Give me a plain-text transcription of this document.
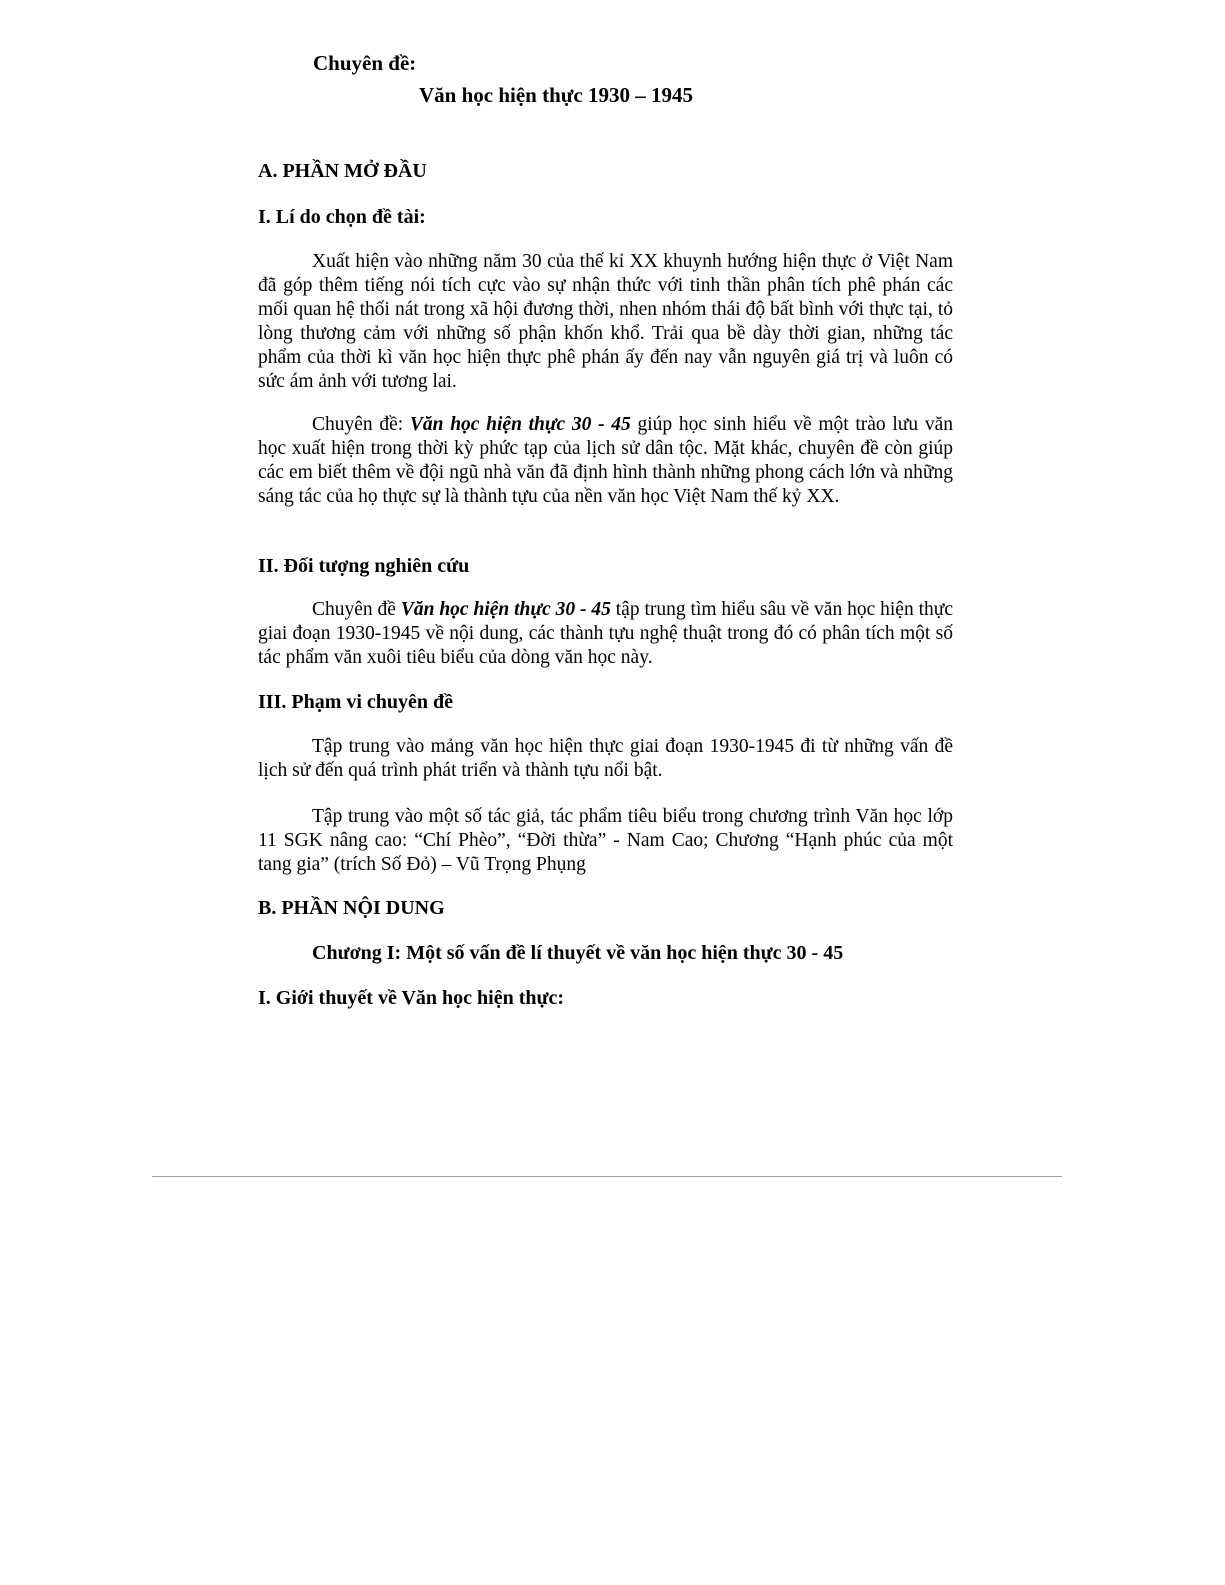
Chuyên đề:

Văn học hiện thực 1930 – 1945

A. PHẦN MỞ ĐẦU

I. Lí do chọn đề tài:

Xuất hiện vào những năm 30 của thế kỉ XX khuynh hướng hiện thực ở Việt Nam đã góp thêm tiếng nói tích cực vào sự nhận thức với tinh thần phân tích phê phán các mối quan hệ thối nát trong xã hội đương thời, nhen nhóm thái độ bất bình với thực tại, tỏ lòng thương cảm với những số phận khốn khổ. Trải qua bề dày thời gian, những tác phẩm của thời kì văn học hiện thực phê phán ấy đến nay vẫn nguyên giá trị và luôn có sức ám ảnh với tương lai.

Chuyên đề: Văn học hiện thực 30 - 45 giúp học sinh hiểu về một trào lưu văn học xuất hiện trong thời kỳ phức tạp của lịch sử dân tộc. Mặt khác, chuyên đề còn giúp các em biết thêm về đội ngũ nhà văn đã định hình thành những phong cách lớn và những sáng tác của họ thực sự là thành tựu của nền văn học Việt Nam thế kỷ XX.

II. Đối tượng nghiên cứu

Chuyên đề Văn học hiện thực 30 - 45 tập trung tìm hiểu sâu về văn học hiện thực giai đoạn 1930-1945 về nội dung, các thành tựu nghệ thuật trong đó có phân tích một số tác phẩm văn xuôi tiêu biểu của dòng văn học này.

III. Phạm vi chuyên đề

Tập trung vào mảng văn học hiện thực giai đoạn 1930-1945 đi từ những vấn đề lịch sử đến quá trình phát triển và thành tựu nổi bật.

Tập trung vào một số tác giả, tác phẩm tiêu biểu trong chương trình Văn học lớp 11 SGK nâng cao: “Chí Phèo”, “Đời thừa” - Nam Cao; Chương “Hạnh phúc của một tang gia” (trích Số Đỏ) – Vũ Trọng Phụng

B. PHẦN NỘI DUNG

Chương I: Một số vấn đề lí thuyết về văn học hiện thực 30 - 45

I. Giới thuyết về Văn học hiện thực:
